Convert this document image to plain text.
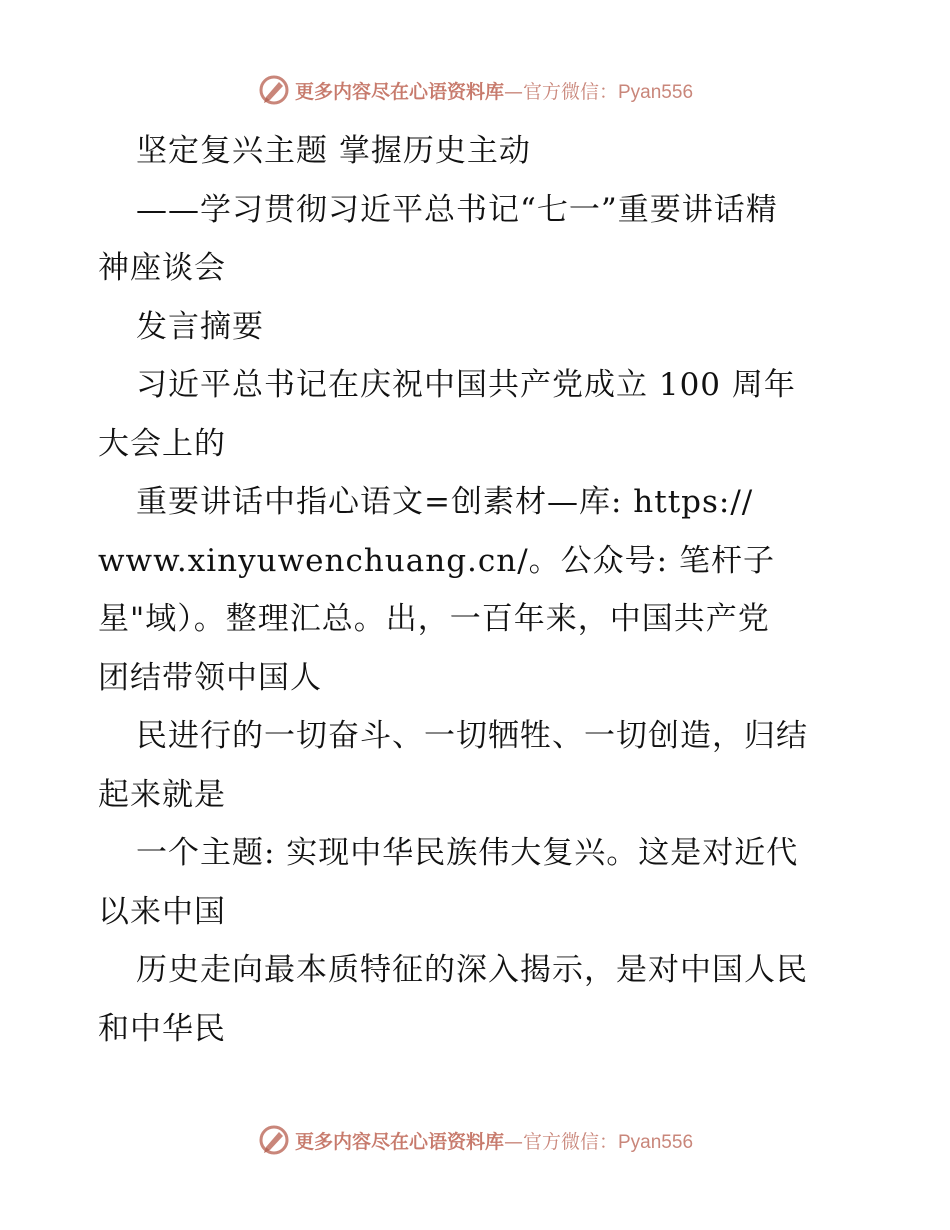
更多内容尽在心语资料库—官方微信：Pyan556
坚定复兴主题 掌握历史主动
——学习贯彻习近平总书记“七一”重要讲话精
神座谈会
发言摘要
习近平总书记在庆祝中国共产党成立 100 周年
大会上的
重要讲话中指心语文=创素材—库: https://
www.xinyuwenchuang.cn/。公众号: 笔杆子
星"域）。整理汇总。出，一百年来，中国共产党
团结带领中国人
民进行的一切奋斗、一切牺牲、一切创造，归结
起来就是
一个主题: 实现中华民族伟大复兴。这是对近代
以来中国
历史走向最本质特征的深入揭示，是对中国人民
和中华民
更多内容尽在心语资料库—官方微信：Pyan556
